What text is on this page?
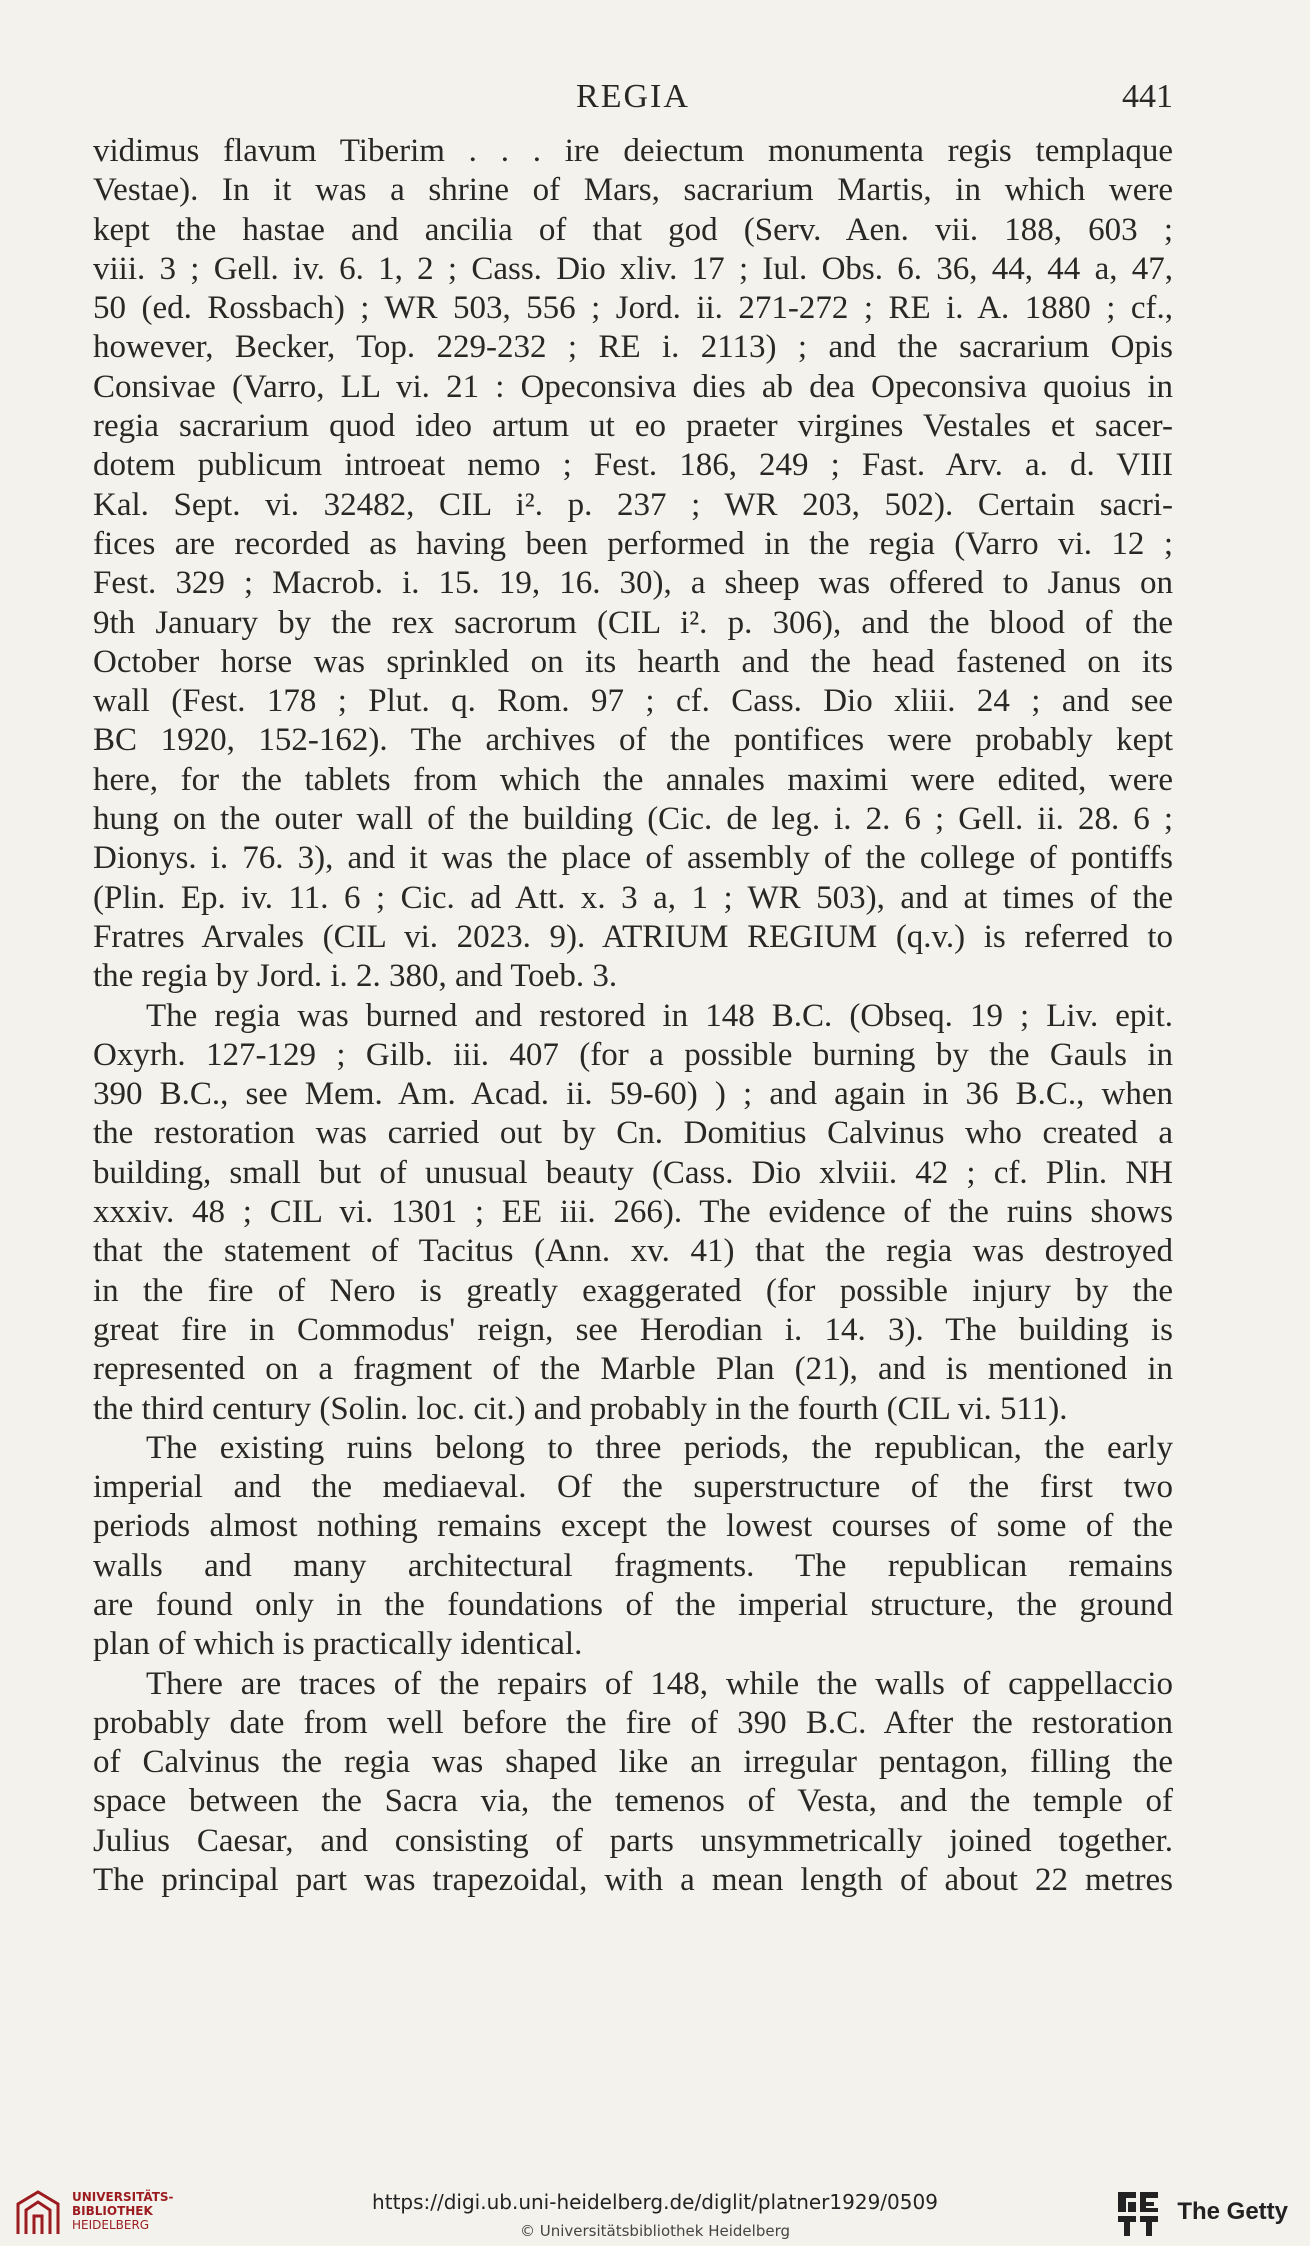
REGIA	441
vidimus flavum Tiberim . . . ire deiectum monumenta regis templaque
Vestae). In it was a shrine of Mars, sacrarium Martis, in which were
kept the hastae and ancilia of that god (Serv. Aen. vii. 188, 603 ;
viii. 3 ; Gell. iv. 6. 1, 2 ; Cass. Dio xliv. 17 ; Iul. Obs. 6. 36, 44, 44 a, 47,
50 (ed. Rossbach) ; WR 503, 556 ; Jord. ii. 271-272 ; RE i. A. 1880 ; cf.,
however, Becker, Top. 229-232 ; RE i. 2113) ; and the sacrarium Opis
Consivae (Varro, LL vi. 21 : Opeconsiva dies ab dea Opeconsiva quoius in
regia sacrarium quod ideo artum ut eo praeter virgines Vestales et sacer-
dotem publicum introeat nemo ; Fest. 186, 249 ; Fast. Arv. a. d. VIII
Kal. Sept. vi. 32482, CIL i². p. 237 ; WR 203, 502). Certain sacri-
fices are recorded as having been performed in the regia (Varro vi. 12 ;
Fest. 329 ; Macrob. i. 15. 19, 16. 30), a sheep was offered to Janus on
9th January by the rex sacrorum (CIL i². p. 306), and the blood of the
October horse was sprinkled on its hearth and the head fastened on its
wall (Fest. 178 ; Plut. q. Rom. 97 ; cf. Cass. Dio xliii. 24 ; and see
BC 1920, 152-162). The archives of the pontifices were probably kept
here, for the tablets from which the annales maximi were edited, were
hung on the outer wall of the building (Cic. de leg. i. 2. 6 ; Gell. ii. 28. 6 ;
Dionys. i. 76. 3), and it was the place of assembly of the college of pontiffs
(Plin. Ep. iv. 11. 6 ; Cic. ad Att. x. 3 a, 1 ; WR 503), and at times of the
Fratres Arvales (CIL vi. 2023. 9). ATRIUM REGIUM (q.v.) is referred to
the regia by Jord. i. 2. 380, and Toeb. 3.
The regia was burned and restored in 148 B.C. (Obseq. 19 ; Liv. epit.
Oxyrh. 127-129 ; Gilb. iii. 407 (for a possible burning by the Gauls in
390 B.C., see Mem. Am. Acad. ii. 59-60) ) ; and again in 36 B.C., when
the restoration was carried out by Cn. Domitius Calvinus who created a
building, small but of unusual beauty (Cass. Dio xlviii. 42 ; cf. Plin. NH
xxxiv. 48 ; CIL vi. 1301 ; EE iii. 266). The evidence of the ruins shows
that the statement of Tacitus (Ann. xv. 41) that the regia was destroyed
in the fire of Nero is greatly exaggerated (for possible injury by the
great fire in Commodus' reign, see Herodian i. 14. 3). The building is
represented on a fragment of the Marble Plan (21), and is mentioned in
the third century (Solin. loc. cit.) and probably in the fourth (CIL vi. 511).
The existing ruins belong to three periods, the republican, the early
imperial and the mediaeval. Of the superstructure of the first two
periods almost nothing remains except the lowest courses of some of the
walls and many architectural fragments. The republican remains
are found only in the foundations of the imperial structure, the ground
plan of which is practically identical.
There are traces of the repairs of 148, while the walls of cappellaccio
probably date from well before the fire of 390 B.C. After the restoration
of Calvinus the regia was shaped like an irregular pentagon, filling the
space between the Sacra via, the temenos of Vesta, and the temple of
Julius Caesar, and consisting of parts unsymmetrically joined together.
The principal part was trapezoidal, with a mean length of about 22 metres
UNIVERSITÄTS-
BIBLIOTHEK
HEIDELBERG
https://digi.ub.uni-heidelberg.de/diglit/platner1929/0509
© Universitätsbibliothek Heidelberg
The Getty
